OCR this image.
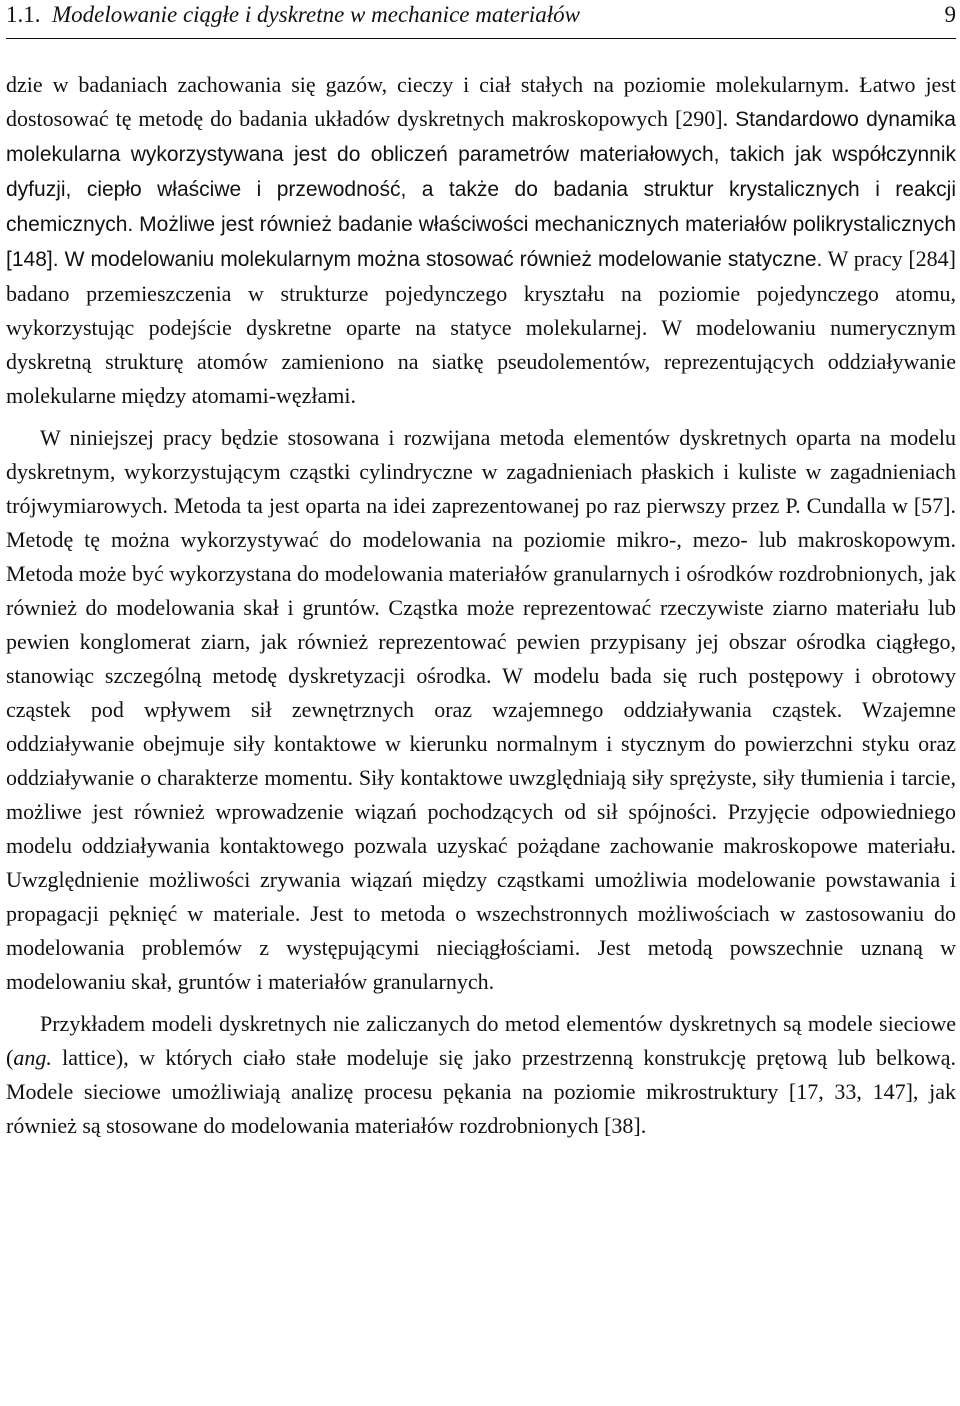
1.1. Modelowanie ciągłe i dyskretne w mechanice materiałów	9

dzie w badaniach zachowania się gazów, cieczy i ciał stałych na poziomie molekularnym. Łatwo jest dostosować tę metodę do badania układów dyskretnych makroskopowych [290]. Standardowo dynamika molekularna wykorzystywana jest do obliczeń parametrów materiałowych, takich jak współczynnik dyfuzji, ciepło właściwe i przewodność, a także do badania struktur krystalicznych i reakcji chemicznych. Możliwe jest również badanie właściwości mechanicznych materiałów polikrystalicznych [148]. W modelowaniu molekularnym można stosować również modelowanie statyczne. W pracy [284] badano przemieszczenia w strukturze pojedynczego kryształu na poziomie pojedynczego atomu, wykorzystując podejście dyskretne oparte na statyce molekularnej. W modelowaniu numerycznym dyskretną strukturę atomów zamieniono na siatkę pseudolementów, reprezentujących oddziaływanie molekularne między atomami-węzłami.

W niniejszej pracy będzie stosowana i rozwijana metoda elementów dyskretnych oparta na modelu dyskretnym, wykorzystującym cząstki cylindryczne w zagadnieniach płaskich i kuliste w zagadnieniach trójwymiarowych. Metoda ta jest oparta na idei zaprezentowanej po raz pierwszy przez P. Cundalla w [57]. Metodę tę można wykorzystywać do modelowania na poziomie mikro-, mezo- lub makroskopowym. Metoda może być wykorzystana do modelowania materiałów granularnych i ośrodków rozdrobnionych, jak również do modelowania skał i gruntów. Cząstka może reprezentować rzeczywiste ziarno materiału lub pewien konglomerat ziarn, jak również reprezentować pewien przypisany jej obszar ośrodka ciągłego, stanowiąc szczególną metodę dyskretyzacji ośrodka. W modelu bada się ruch postępowy i obrotowy cząstek pod wpływem sił zewnętrznych oraz wzajemnego oddziaływania cząstek. Wzajemne oddziaływanie obejmuje siły kontaktowe w kierunku normalnym i stycznym do powierzchni styku oraz oddziaływanie o charakterze momentu. Siły kontaktowe uwzględniają siły sprężyste, siły tłumienia i tarcie, możliwe jest również wprowadzenie wiązań pochodzących od sił spójności. Przyjęcie odpowiedniego modelu oddziaływania kontaktowego pozwala uzyskać pożądane zachowanie makroskopowe materiału. Uwzględnienie możliwości zrywania wiązań między cząstkami umożliwia modelowanie powstawania i propagacji pęknięć w materiale. Jest to metoda o wszechstronnych możliwościach w zastosowaniu do modelowania problemów z występującymi nieciągłościami. Jest metodą powszechnie uznaną w modelowaniu skał, gruntów i materiałów granularnych.

Przykładem modeli dyskretnych nie zaliczanych do metod elementów dyskretnych są modele sieciowe (ang. lattice), w których ciało stałe modeluje się jako przestrzenną konstrukcję prętową lub belkową. Modele sieciowe umożliwiają analizę procesu pękania na poziomie mikrostruktury [17, 33, 147], jak również są stosowane do modelowania materiałów rozdrobnionych [38].
